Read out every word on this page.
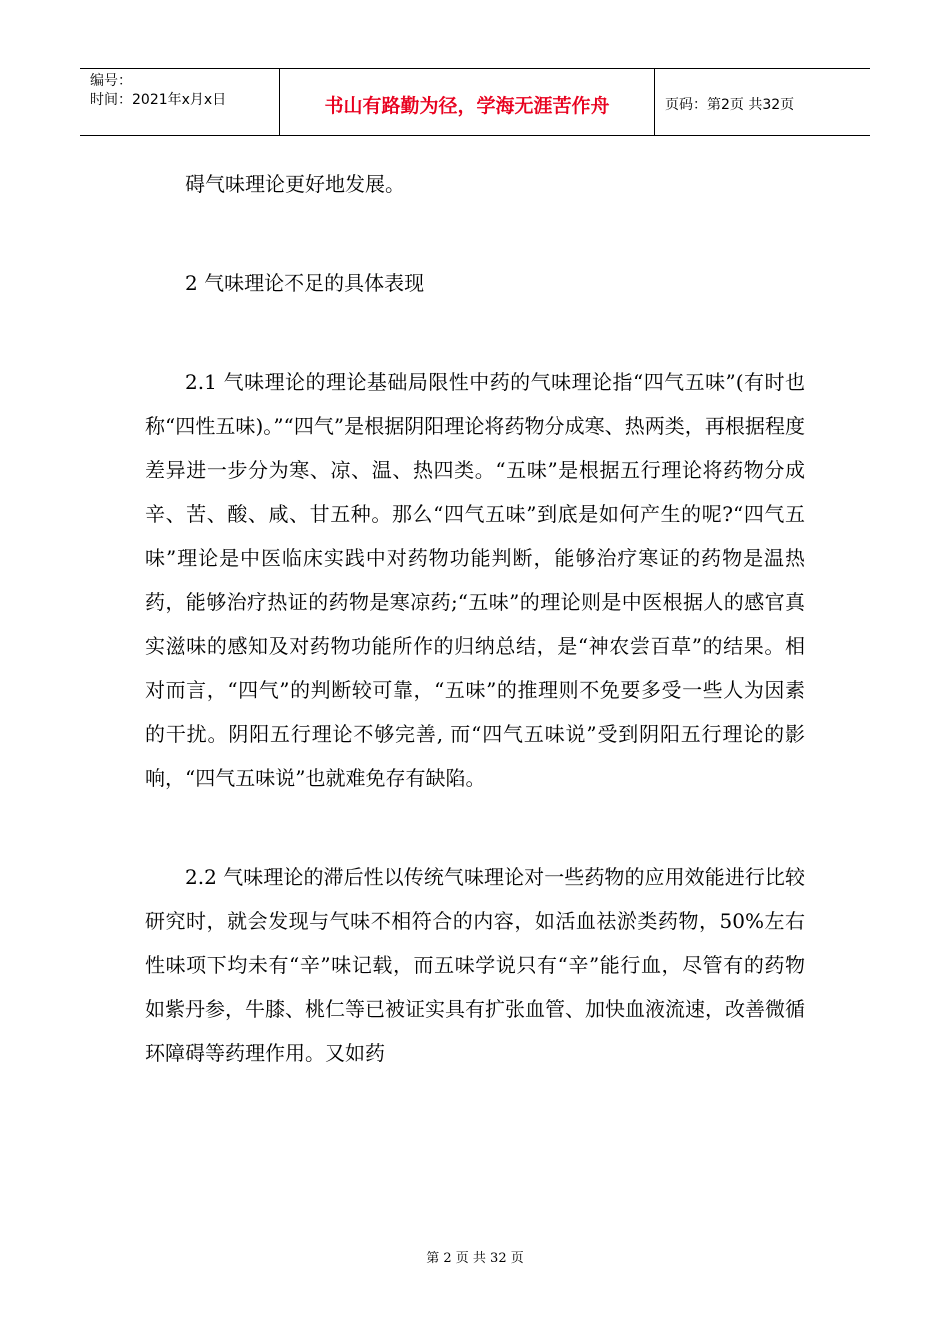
编号：
时间：2021年x月x日	书山有路勤为径，学海无涯苦作舟	页码：第2页 共32页

碍气味理论更好地发展。

2 气味理论不足的具体表现

2.1 气味理论的理论基础局限性中药的气味理论指“四气五味”(有时也称“四性五味)。”“四气”是根据阴阳理论将药物分成寒、热两类，再根据程度差异进一步分为寒、凉、温、热四类。“五味”是根据五行理论将药物分成辛、苦、酸、咸、甘五种。那么“四气五味”到底是如何产生的呢?“四气五味”理论是中医临床实践中对药物功能判断，能够治疗寒证的药物是温热药，能够治疗热证的药物是寒凉药;“五味”的理论则是中医根据人的感官真实滋味的感知及对药物功能所作的归纳总结，是“神农尝百草”的结果。相对而言，“四气”的判断较可靠，“五味”的推理则不免要多受一些人为因素的干扰。阴阳五行理论不够完善, 而“四气五味说”受到阴阳五行理论的影响，“四气五味说”也就难免存有缺陷。

2.2 气味理论的滞后性以传统气味理论对一些药物的应用效能进行比较研究时，就会发现与气味不相符合的内容，如活血祛淤类药物，50%左右性味项下均未有“辛”味记载，而五味学说只有“辛”能行血，尽管有的药物如紫丹参，牛膝、桃仁等已被证实具有扩张血管、加快血液流速，改善微循环障碍等药理作用。又如药

第 2 页 共 32 页
